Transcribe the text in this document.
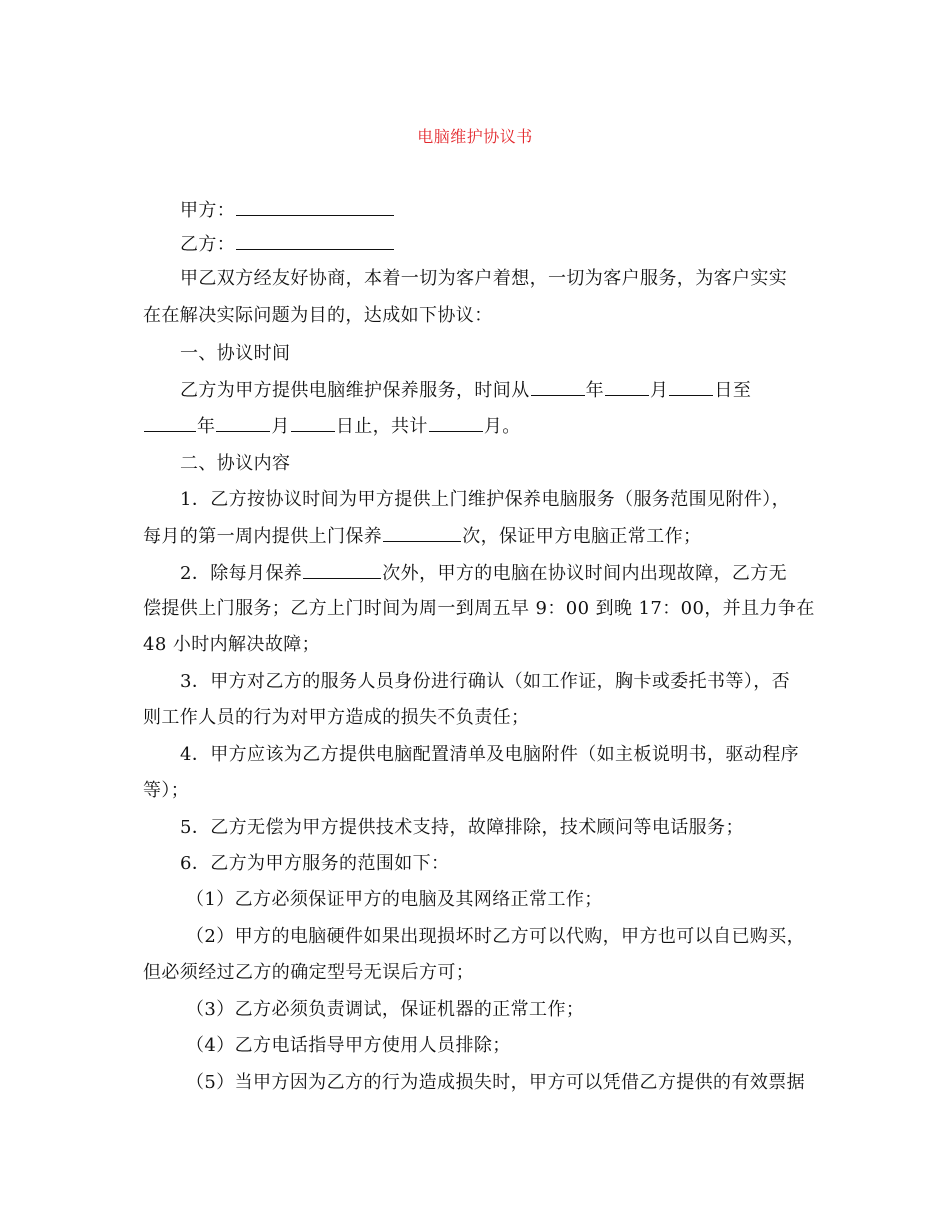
电脑维护协议书
甲方：
乙方：
甲乙双方经友好协商，本着一切为客户着想，一切为客户服务，为客户实实
在在解决实际问题为目的，达成如下协议：
一、协议时间
乙方为甲方提供电脑维护保养服务，时间从	年	月	日至
年	月	日止，共计	月。
二、协议内容
1．乙方按协议时间为甲方提供上门维护保养电脑服务（服务范围见附件），
每月的第一周内提供上门保养	次，保证甲方电脑正常工作；
2．除每月保养	次外，甲方的电脑在协议时间内出现故障，乙方无
偿提供上门服务；乙方上门时间为周一到周五早 9：00 到晚 17：00，并且力争在
48 小时内解决故障；
3．甲方对乙方的服务人员身份进行确认（如工作证，胸卡或委托书等），否
则工作人员的行为对甲方造成的损失不负责任；
4．甲方应该为乙方提供电脑配置清单及电脑附件（如主板说明书，驱动程序
等）；
5．乙方无偿为甲方提供技术支持，故障排除，技术顾问等电话服务；
6．乙方为甲方服务的范围如下：
（1）乙方必须保证甲方的电脑及其网络正常工作；
（2）甲方的电脑硬件如果出现损坏时乙方可以代购，甲方也可以自已购买，
但必须经过乙方的确定型号无误后方可；
（3）乙方必须负责调试，保证机器的正常工作；
（4）乙方电话指导甲方使用人员排除；
（5）当甲方因为乙方的行为造成损失时，甲方可以凭借乙方提供的有效票据
